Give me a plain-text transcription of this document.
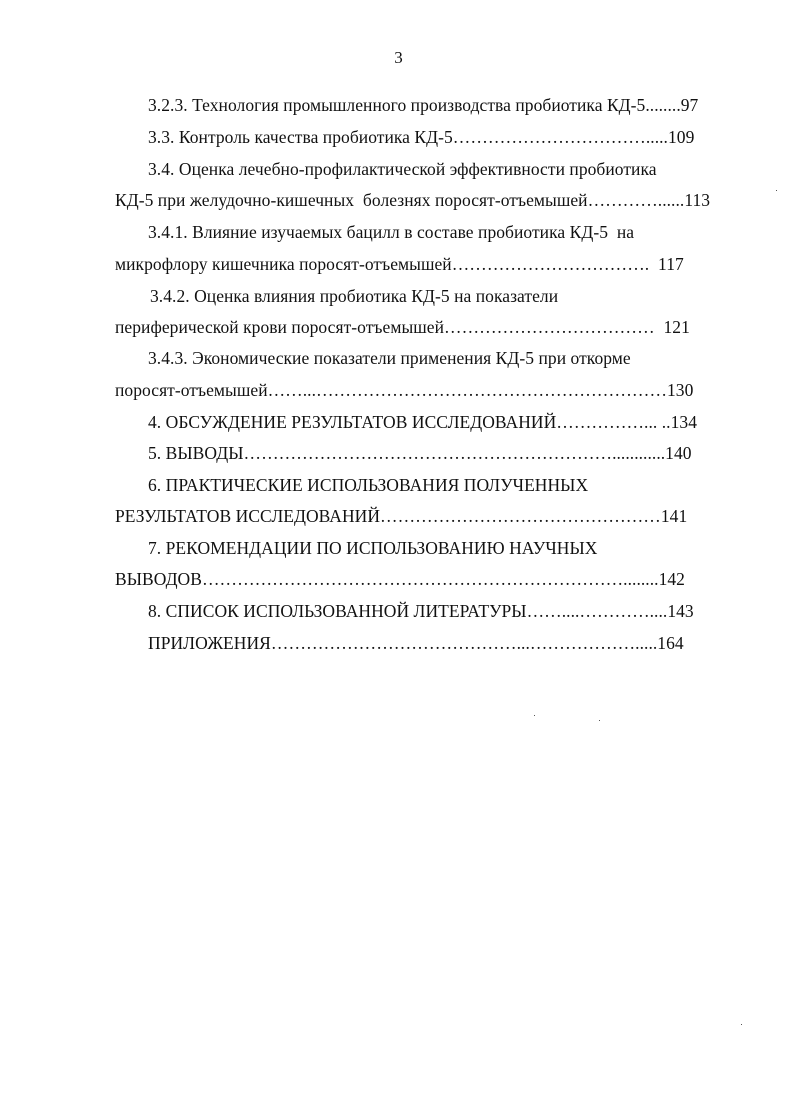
3
3.2.3. Технология промышленного производства пробиотика КД-5........97
3.3. Контроль качества пробиотика КД-5…………………………….....109
3.4. Оценка лечебно-профилактической эффективности пробиотика
КД-5 при желудочно-кишечных  болезнях поросят-отъемышей…………......113
3.4.1. Влияние изучаемых бацилл в составе пробиотика КД-5  на
микрофлору кишечника поросят-отъемышей…………………………….  117
3.4.2. Оценка влияния пробиотика КД-5 на показатели
периферической крови поросят-отъемышей………………………………  121
3.4.3. Экономические показатели применения КД-5 при откорме
поросят-отъемышей……...……………………………………………………130
4. ОБСУЖДЕНИЕ РЕЗУЛЬТАТОВ ИССЛЕДОВАНИЙ……………... ..134
5. ВЫВОДЫ………………………………………………………............140
6. ПРАКТИЧЕСКИЕ ИСПОЛЬЗОВАНИЯ ПОЛУЧЕННЫХ
РЕЗУЛЬТАТОВ ИССЛЕДОВАНИЙ…………………………………………141
7. РЕКОМЕНДАЦИИ ПО ИСПОЛЬЗОВАНИЮ НАУЧНЫХ
ВЫВОДОВ………………………………………………………………........142
8. СПИСОК ИСПОЛЬЗОВАННОЙ ЛИТЕРАТУРЫ……....…………....143
ПРИЛОЖЕНИЯ……………………………………...……………….....164
